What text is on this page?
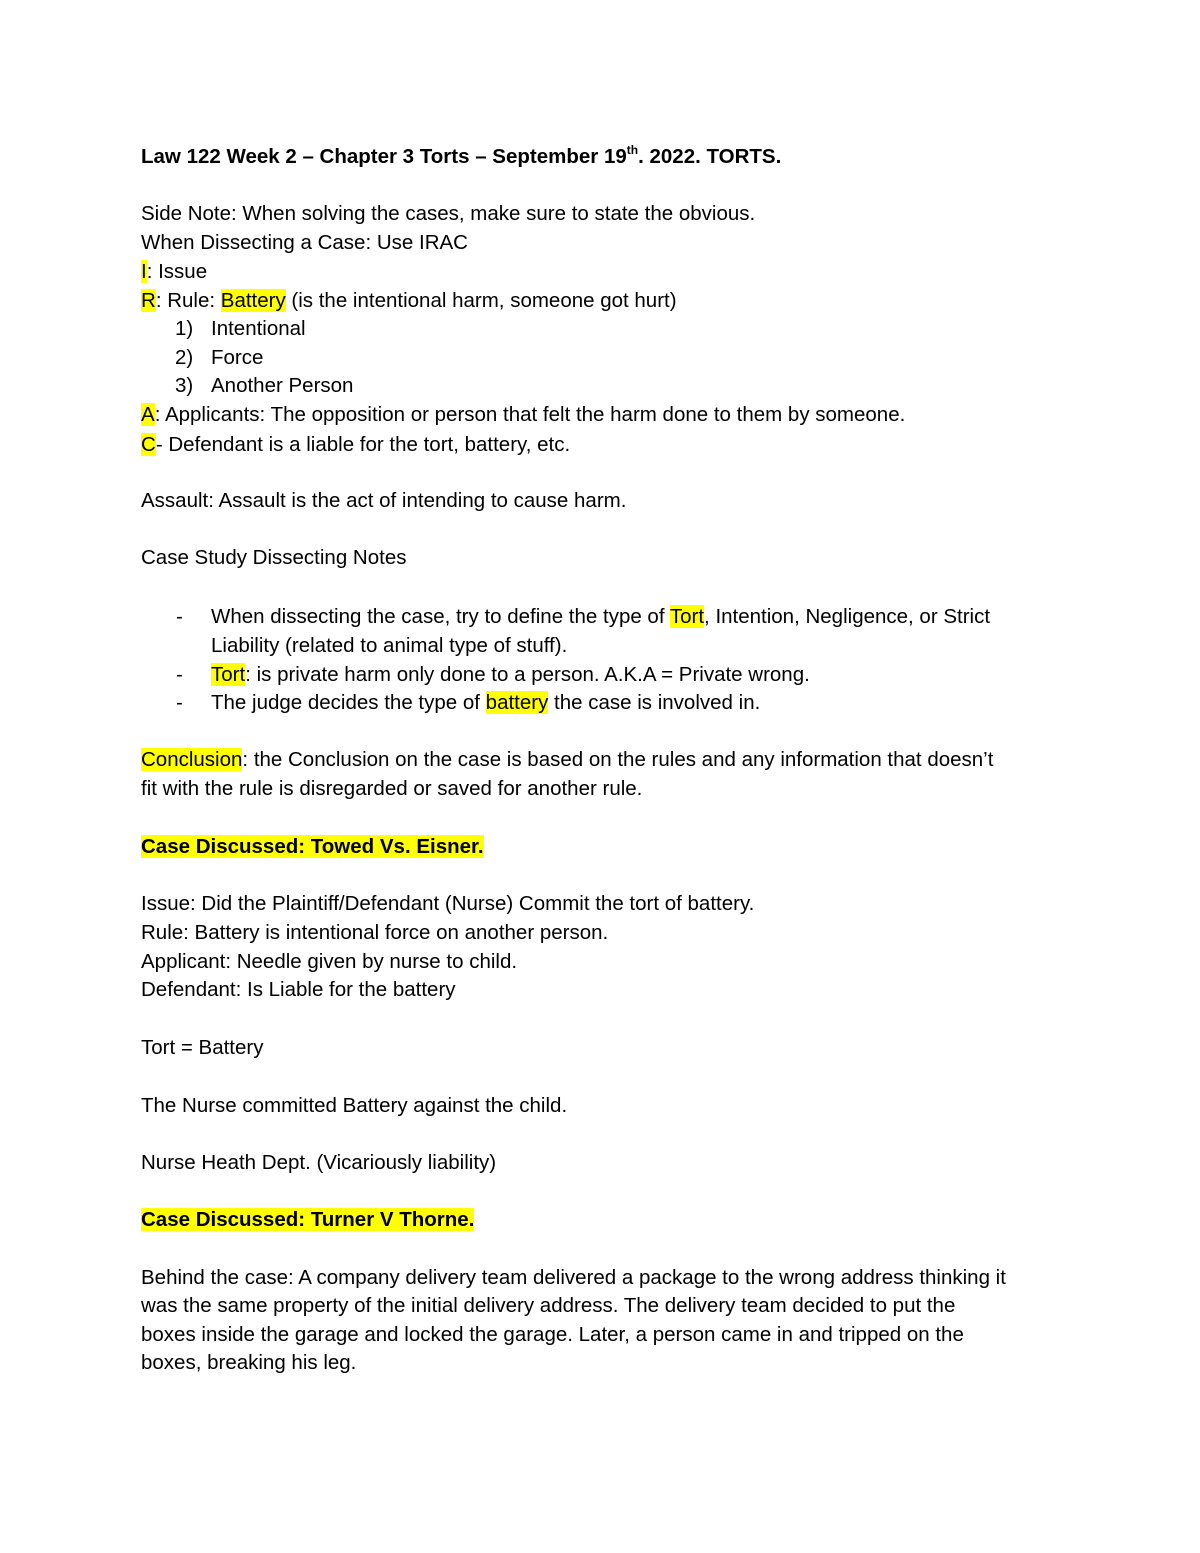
Law 122 Week 2 – Chapter 3 Torts – September 19th. 2022. TORTS.
Side Note: When solving the cases, make sure to state the obvious.
When Dissecting a Case: Use IRAC
I: Issue
R: Rule: Battery (is the intentional harm, someone got hurt)
1) Intentional
2) Force
3) Another Person
A: Applicants: The opposition or person that felt the harm done to them by someone.
C- Defendant is a liable for the tort, battery, etc.
Assault: Assault is the act of intending to cause harm.
Case Study Dissecting Notes
- When dissecting the case, try to define the type of Tort, Intention, Negligence, or Strict
Liability (related to animal type of stuff).
- Tort: is private harm only done to a person. A.K.A = Private wrong.
- The judge decides the type of battery the case is involved in.
Conclusion: the Conclusion on the case is based on the rules and any information that doesn’t
fit with the rule is disregarded or saved for another rule.
Case Discussed: Towed Vs. Eisner.
Issue: Did the Plaintiff/Defendant (Nurse) Commit the tort of battery.
Rule: Battery is intentional force on another person.
Applicant: Needle given by nurse to child.
Defendant: Is Liable for the battery
Tort = Battery
The Nurse committed Battery against the child.
Nurse Heath Dept. (Vicariously liability)
Case Discussed: Turner V Thorne.
Behind the case: A company delivery team delivered a package to the wrong address thinking it
was the same property of the initial delivery address. The delivery team decided to put the
boxes inside the garage and locked the garage. Later, a person came in and tripped on the
boxes, breaking his leg.
